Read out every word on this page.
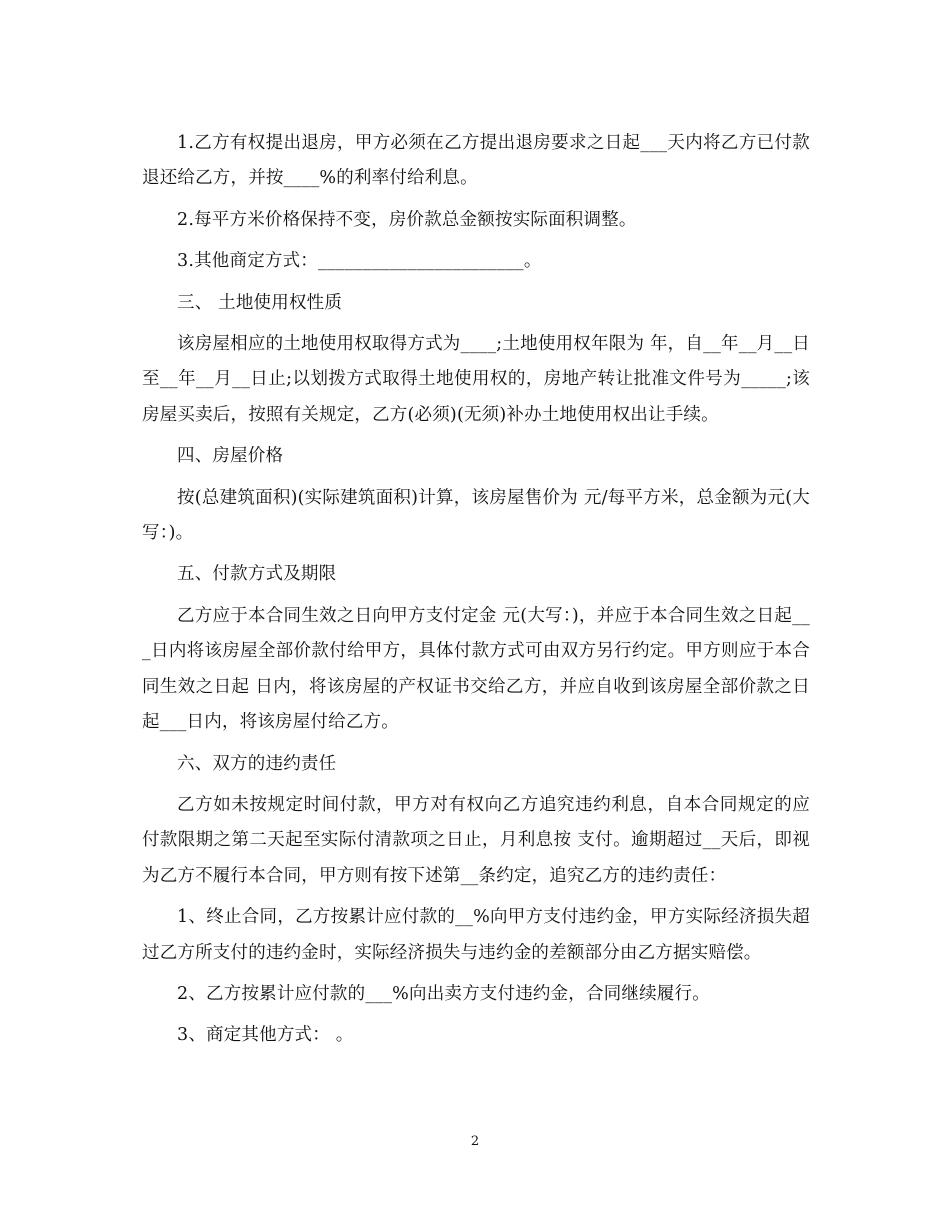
1.乙方有权提出退房，甲方必须在乙方提出退房要求之日起___天内将乙方已付款退还给乙方，并按____%的利率付给利息。

2.每平方米价格保持不变，房价款总金额按实际面积调整。

3.其他商定方式：_______________________。

三、 土地使用权性质

该房屋相应的土地使用权取得方式为____;土地使用权年限为 年，自__年__月__日至__年__月__日止;以划拨方式取得土地使用权的，房地产转让批准文件号为_____;该房屋买卖后，按照有关规定，乙方(必须)(无须)补办土地使用权出让手续。

四、房屋价格

按(总建筑面积)(实际建筑面积)计算，该房屋售价为 元/每平方米，总金额为元(大写：)。

五、付款方式及期限

乙方应于本合同生效之日向甲方支付定金 元(大写：)，并应于本合同生效之日起___日内将该房屋全部价款付给甲方，具体付款方式可由双方另行约定。甲方则应于本合同生效之日起 日内，将该房屋的产权证书交给乙方，并应自收到该房屋全部价款之日起___日内，将该房屋付给乙方。

六、双方的违约责任

乙方如未按规定时间付款，甲方对有权向乙方追究违约利息，自本合同规定的应付款限期之第二天起至实际付清款项之日止，月利息按 支付。逾期超过__天后，即视为乙方不履行本合同，甲方则有按下述第__条约定，追究乙方的违约责任：

1、终止合同，乙方按累计应付款的__%向甲方支付违约金，甲方实际经济损失超过乙方所支付的违约金时，实际经济损失与违约金的差额部分由乙方据实赔偿。

2、乙方按累计应付款的___%向出卖方支付违约金，合同继续履行。

3、商定其他方式： 。

2
